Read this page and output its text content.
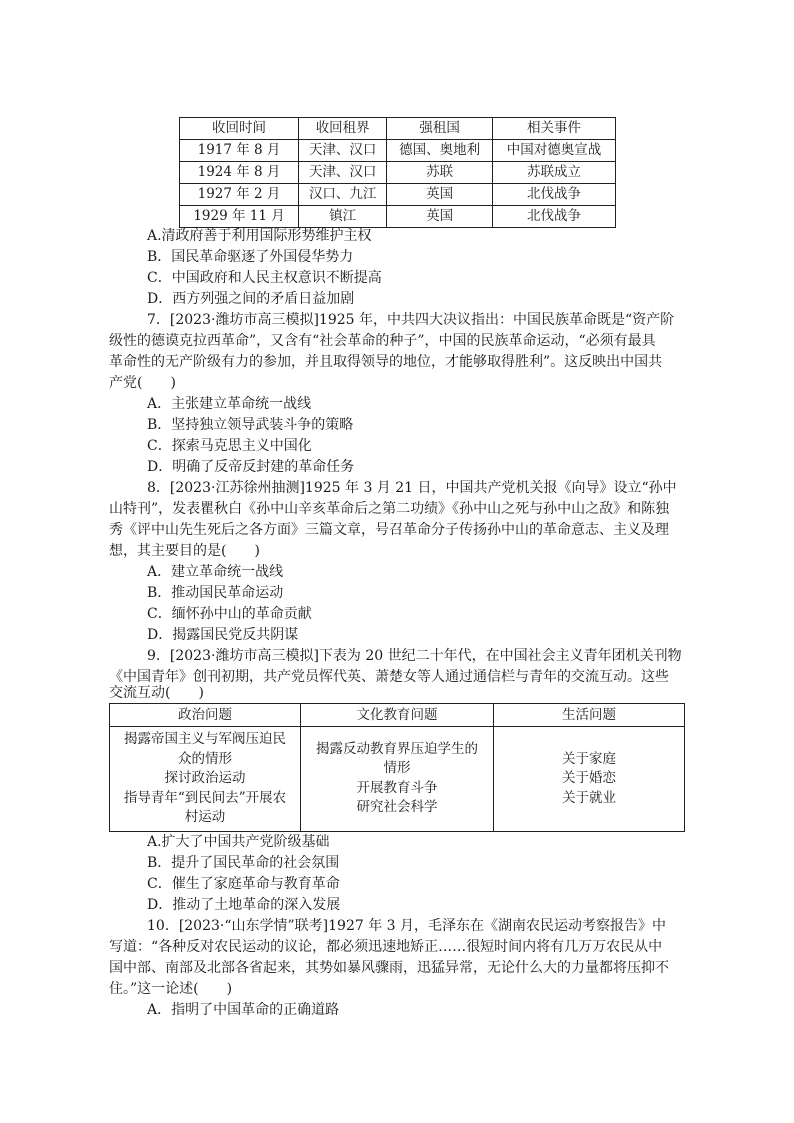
收回时间	收回租界	强租国	相关事件
1917 年 8 月	天津、汉口	德国、奥地利	中国对德奥宣战
1924 年 8 月	天津、汉口	苏联	苏联成立
1927 年 2 月	汉口、九江	英国	北伐战争
1929 年 11 月	镇江	英国	北伐战争
A.清政府善于利用国际形势维护主权
B．国民革命驱逐了外国侵华势力
C．中国政府和人民主权意识不断提高
D．西方列强之间的矛盾日益加剧
7．[2023·潍坊市高三模拟]1925 年，中共四大决议指出：中国民族革命既是“资产阶
级性的德谟克拉西革命”，又含有“社会革命的种子”，中国的民族革命运动，“必须有最具
革命性的无产阶级有力的参加，并且取得领导的地位，才能够取得胜利”。这反映出中国共
产党(　　)
A．主张建立革命统一战线
B．坚持独立领导武装斗争的策略
C．探索马克思主义中国化
D．明确了反帝反封建的革命任务
8．[2023·江苏徐州抽测]1925 年 3 月 21 日，中国共产党机关报《向导》设立“孙中
山特刊”，发表瞿秋白《孙中山辛亥革命后之第二功绩》《孙中山之死与孙中山之敌》和陈独
秀《评中山先生死后之各方面》三篇文章，号召革命分子传扬孙中山的革命意志、主义及理
想，其主要目的是(　　)
A．建立革命统一战线
B．推动国民革命运动
C．缅怀孙中山的革命贡献
D．揭露国民党反共阴谋
9．[2023·潍坊市高三模拟]下表为 20 世纪二十年代，在中国社会主义青年团机关刊物
《中国青年》创刊初期，共产党员恽代英、萧楚女等人通过通信栏与青年的交流互动。这些
交流互动(　　)
政治问题	文化教育问题	生活问题

揭露帝国主义与军阀压迫民
众的情形
探讨政治运动
指导青年“到民间去”开展农
村运动	揭露反动教育界压迫学生的
情形
开展教育斗争
研究社会科学	关于家庭
关于婚恋
关于就业
A.扩大了中国共产党阶级基础
B．提升了国民革命的社会氛围
C．催生了家庭革命与教育革命
D．推动了土地革命的深入发展
10．[2023·“山东学情”联考]1927 年 3 月，毛泽东在《湖南农民运动考察报告》中
写道：“各种反对农民运动的议论，都必须迅速地矫正……很短时间内将有几万万农民从中
国中部、南部及北部各省起来，其势如暴风骤雨，迅猛异常，无论什么大的力量都将压抑不
住。”这一论述(　　)
A．指明了中国革命的正确道路
